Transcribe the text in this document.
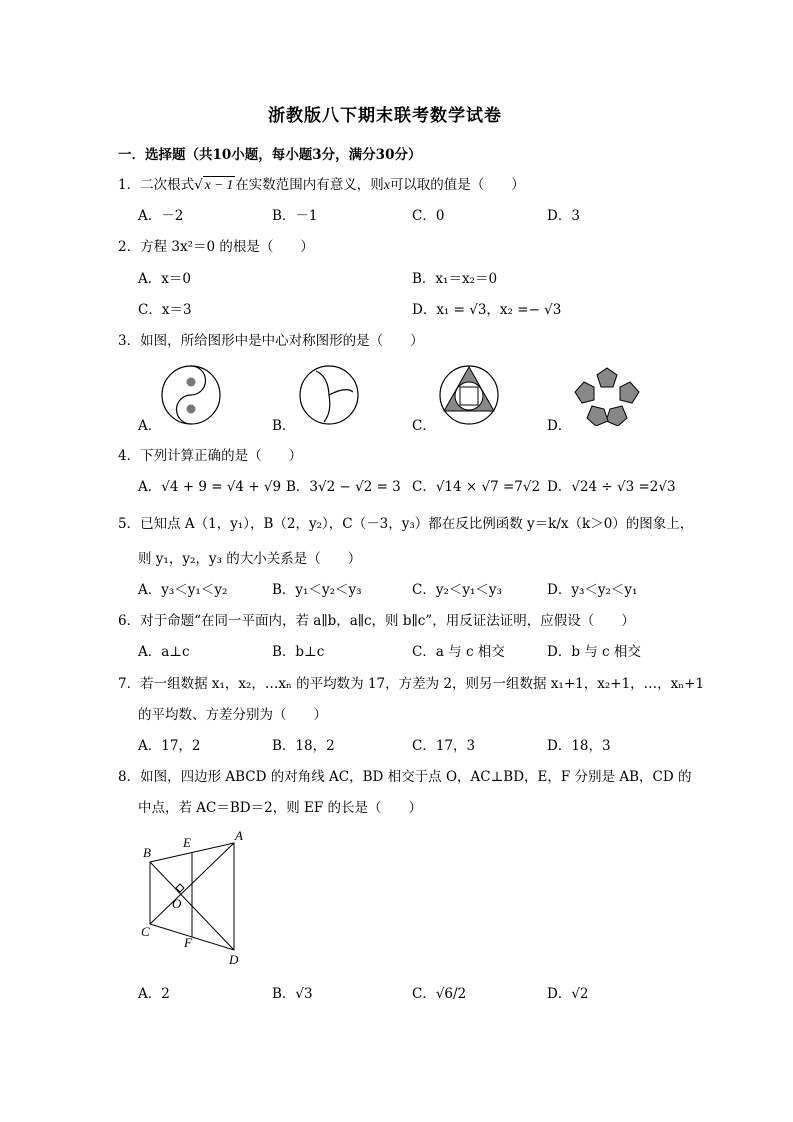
浙教版八下期末联考数学试卷
一．选择题（共10小题，每小题3分，满分30分）
1．二次根式√ x − 1 在实数范围内有意义，则x可以取的值是（　　）
A．－2	B．－1	C．0	D．3
2．方程 3x²＝0 的根是（　　）
A．x＝0	B．x₁＝x₂＝0
C．x＝3	D．x₁ = √3，x₂ =− √3
3．如图，所给图形中是中心对称图形的是（　　）
A．	B．	C．	D．
4．下列计算正确的是（　　）
A．√4 + 9 = √4 + √9 B．3√2 − √2 = 3 C．√14 × √7 =7√2 D．√24 ÷ √3 =2√3
5．已知点 A（1，y₁），B（2，y₂），C（－3，y₃）都在反比例函数 y＝k/x（k＞0）的图象上，
则 y₁，y₂，y₃ 的大小关系是（　　）
A．y₃＜y₁＜y₂	B．y₁＜y₂＜y₃	C．y₂＜y₁＜y₃	D．y₃＜y₂＜y₁
6．对于命题“在同一平面内，若 a∥b，a∥c，则 b∥c”，用反证法证明，应假设（　　）
A．a⊥c	B．b⊥c	C．a 与 c 相交	D．b 与 c 相交
7．若一组数据 x₁，x₂，…xₙ 的平均数为 17，方差为 2，则另一组数据 x₁+1，x₂+1，…，xₙ+1
的平均数、方差分别为（　　）
A．17，2	B．18，2	C．17，3	D．18，3
8．如图，四边形 ABCD 的对角线 AC，BD 相交于点 O，AC⊥BD，E，F 分别是 AB，CD 的
中点，若 AC＝BD＝2，则 EF 的长是（　　）
A
B
C
D
E
F
O
A．2	B．√3	C．√6/2	D．√2
